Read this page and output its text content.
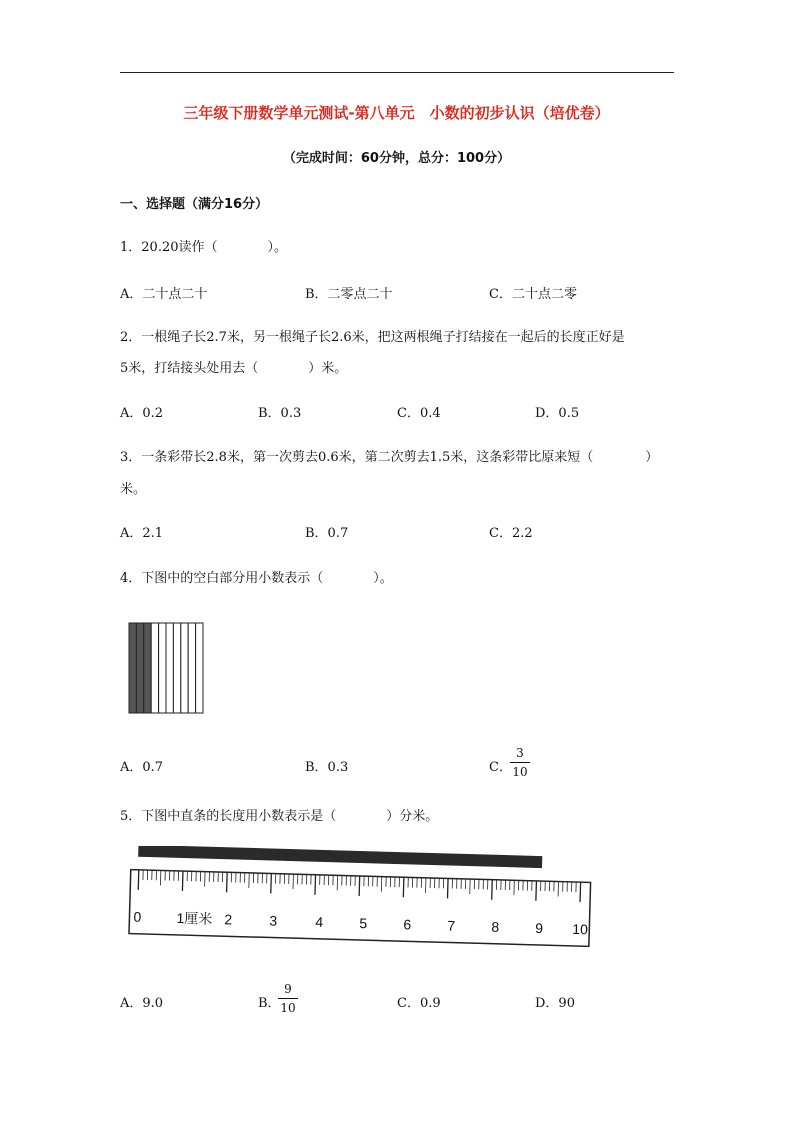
三年级下册数学单元测试-第八单元　小数的初步认识（培优卷）
（完成时间：60分钟，总分：100分）
一、选择题（满分16分）
1．20.20读作（	）。
A．二十点二十	B．二零点二十	C．二十点二零
2．一根绳子长2.7米，另一根绳子长2.6米，把这两根绳子打结接在一起后的长度正好是
5米，打结接头处用去（	）米。
A．0.2	B．0.3	C．0.4	D．0.5
3．一条彩带长2.8米，第一次剪去0.6米，第二次剪去1.5米，这条彩带比原来短（	）
米。
A．2.1	B．0.7	C．2.2
4．下图中的空白部分用小数表示（	）。
A．0.7	B．0.3	C．
3
10
5．下图中直条的长度用小数表示是（	）分米。
0 1厘米 2	3	4	5	6	7	8	9 10
A．9.0	B．
9
10	C．0.9	D．90
